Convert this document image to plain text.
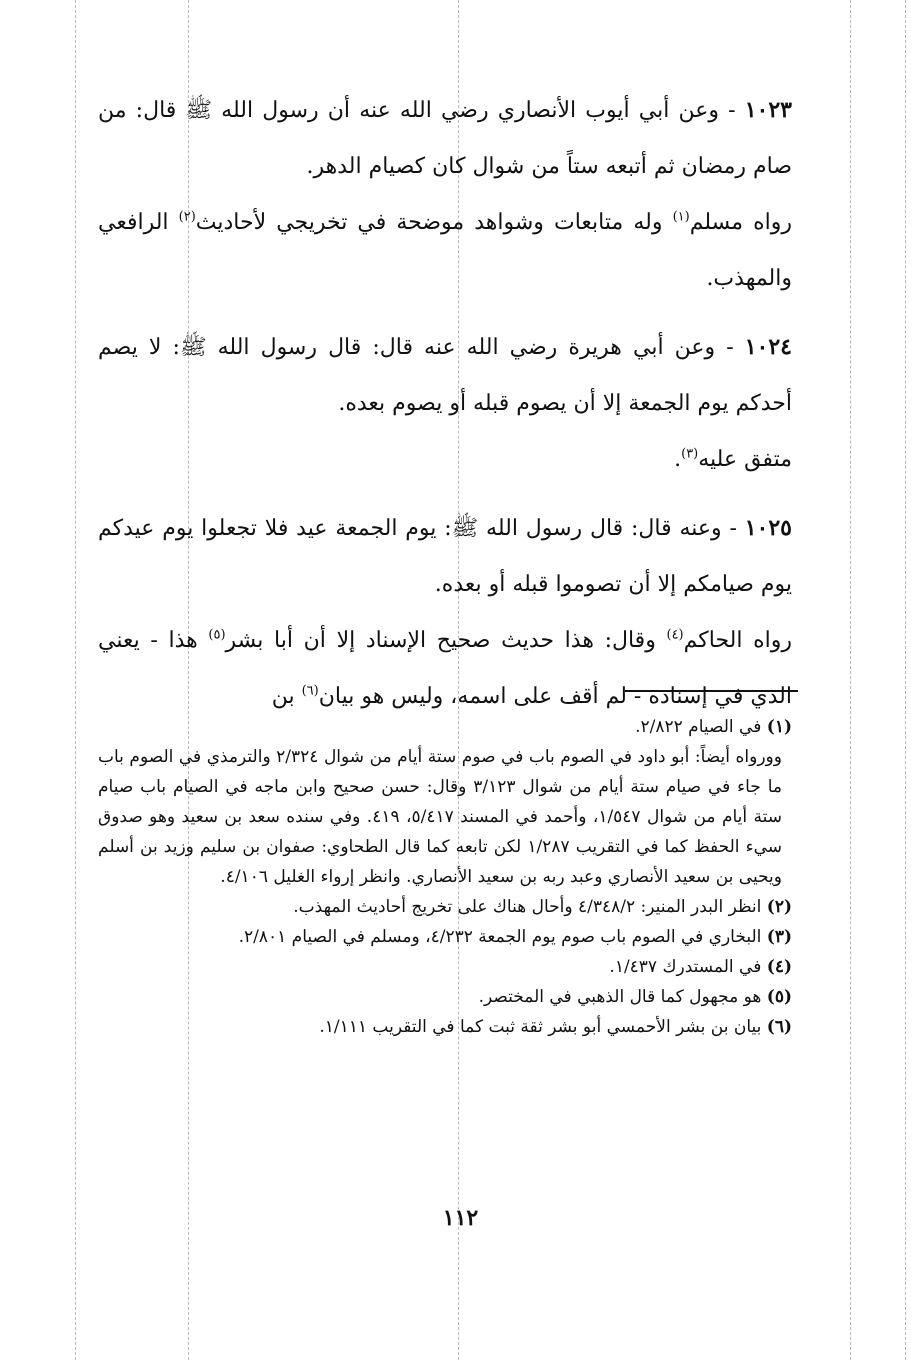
١٠٢٣ - وعن أبي أيوب الأنصاري رضي الله عنه أن رسول الله ﷺ قال: من صام رمضان ثم أتبعه ستاً من شوال كان كصيام الدهر.

رواه مسلم$^{(١)}$ وله متابعات وشواهد موضحة في تخريجي لأحاديث$^{(٢)}$ الرافعي والمهذب.

١٠٢٤ - وعن أبي هريرة رضي الله عنه قال: قال رسول الله ﷺ: لا يصم أحدكم يوم الجمعة إلا أن يصوم قبله أو يصوم بعده.

متفق عليه$^{(٣)}$.

١٠٢٥ - وعنه قال: قال رسول الله ﷺ: يوم الجمعة عيد فلا تجعلوا يوم عيدكم يوم صيامكم إلا أن تصوموا قبله أو بعده.

رواه الحاكم$^{(٤)}$ وقال: هذا حديث صحيح الإسناد إلا أن أبا بشر$^{(٥)}$ هذا - يعني الذي في إسناده - لم أقف على اسمه، وليس هو بيان$^{(٦)}$ بن

(١) في الصيام ٢/٨٢٢.

وورواه أيضاً: أبو داود في الصوم باب في صوم ستة أيام من شوال ٢/٣٢٤ والترمذي في الصوم باب ما جاء في صيام ستة أيام من شوال ٣/١٢٣ وقال: حسن صحيح وابن ماجه في الصيام باب صيام ستة أيام من شوال ١/٥٤٧، وأحمد في المسند ٥/٤١٧، ٤١٩. وفي سنده سعد بن سعيد وهو صدوق سيء الحفظ كما في التقريب ١/٢٨٧ لكن تابعه كما قال الطحاوي: صفوان بن سليم وزيد بن أسلم ويحيى بن سعيد الأنصاري وعبد ربه بن سعيد الأنصاري. وانظر إرواء الغليل ٤/١٠٦.

(٢) انظر البدر المنير: ٤/٣٤٨/٢ وأحال هناك على تخريج أحاديث المهذب.

(٣) البخاري في الصوم باب صوم يوم الجمعة ٤/٢٣٢، ومسلم في الصيام ٢/٨٠١.

(٤) في المستدرك ١/٤٣٧.

(٥) هو مجهول كما قال الذهبي في المختصر.

(٦) بيان بن بشر الأحمسي أبو بشر ثقة ثبت كما في التقريب ١/١١١.

١١٢
